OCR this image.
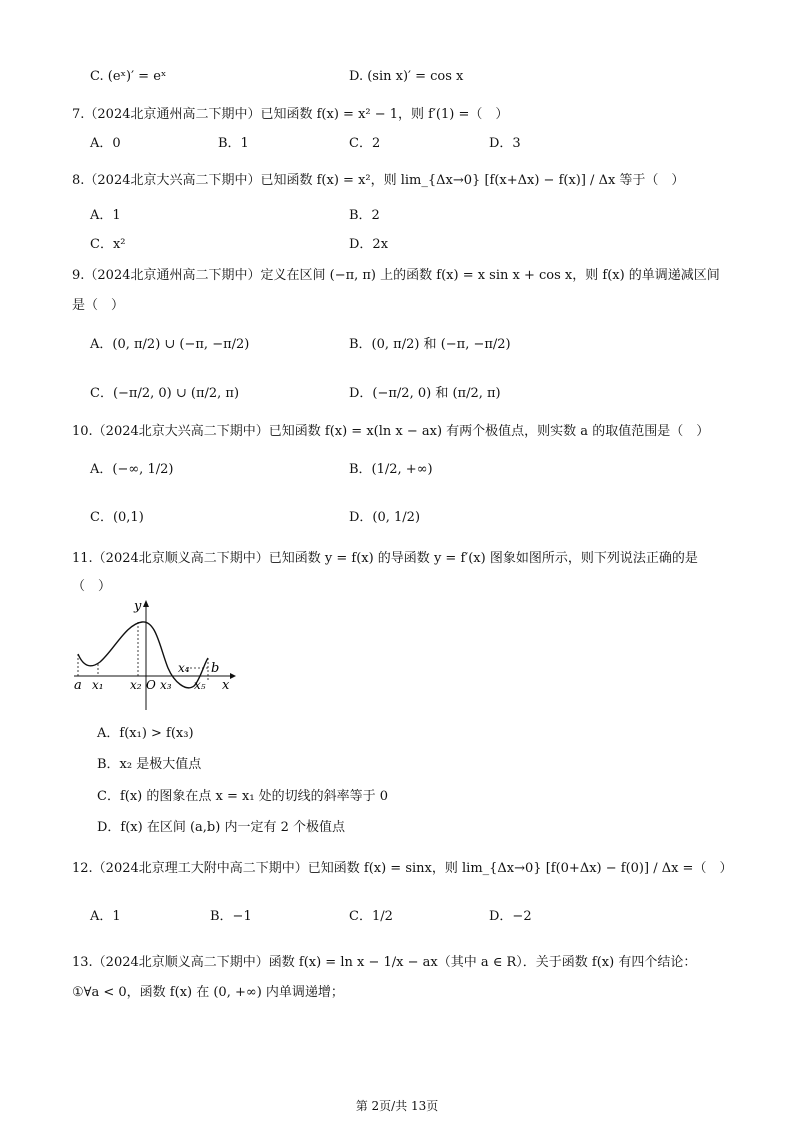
C. (eˣ)′ = eˣ	D. (sin x)′ = cos x
7.（2024北京通州高二下期中）已知函数 f(x) = x² − 1，则 f′(1) =（　）
A．0	B．1	C．2	D．3
8.（2024北京大兴高二下期中）已知函数 f(x) = x²，则 lim_{Δx→0} [f(x+Δx) − f(x)] / Δx 等于（　）
A．1	B．2
C．x²	D．2x
9.（2024北京通州高二下期中）定义在区间 (−π, π) 上的函数 f(x) = x sin x + cos x，则 f(x) 的单调递减区间
是（　）
A．(0, π/2) ∪ (−π, −π/2)	B．(0, π/2) 和 (−π, −π/2)
C．(−π/2, 0) ∪ (π/2, π)	D．(−π/2, 0) 和 (π/2, π)
10.（2024北京大兴高二下期中）已知函数 f(x) = x(ln x − ax) 有两个极值点，则实数 a 的取值范围是（　）
A．(−∞, 1/2)	B．(1/2, +∞)
C．(0,1)	D．(0, 1/2)
11.（2024北京顺义高二下期中）已知函数 y = f(x) 的导函数 y = f′(x) 图象如图所示，则下列说法正确的是
（　）
y
a x₁ x₂ O x₃
x₄ b
x₅ x
A．f(x₁) > f(x₃)
B．x₂ 是极大值点
C．f(x) 的图象在点 x = x₁ 处的切线的斜率等于 0
D．f(x) 在区间 (a,b) 内一定有 2 个极值点
12.（2024北京理工大附中高二下期中）已知函数 f(x) = sinx，则 lim_{Δx→0} [f(0+Δx) − f(0)] / Δx =（　）
A．1	B．−1	C．1/2	D．−2
13.（2024北京顺义高二下期中）函数 f(x) = ln x − 1/x − ax（其中 a ∈ R）．关于函数 f(x) 有四个结论：
①∀a < 0，函数 f(x) 在 (0, +∞) 内单调递增；
第 2页/共 13页
